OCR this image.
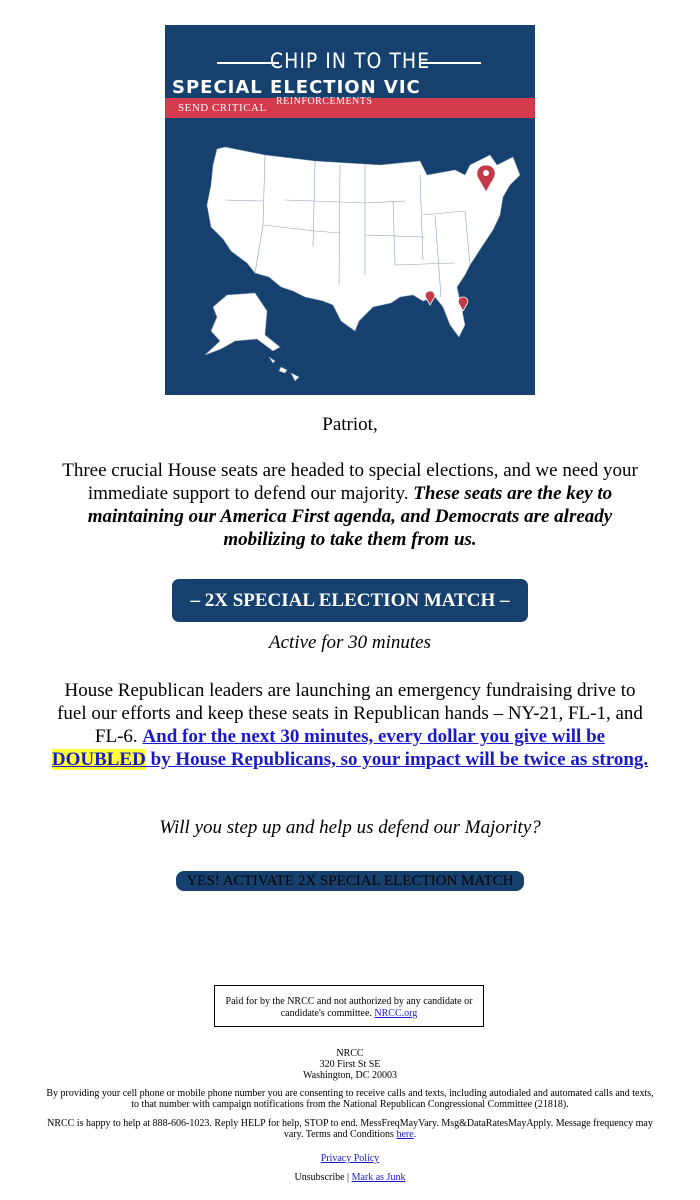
CHIP IN TO THE
SPECIAL ELECTION VIC
SEND CRITICAL
REINFORCEMENTS
Patriot,
Three crucial House seats are headed to special elections, and we need your immediate support to defend our majority. These seats are the key to maintaining our America First agenda, and Democrats are already mobilizing to take them from us.
– 2X SPECIAL ELECTION MATCH –
Active for 30 minutes
House Republican leaders are launching an emergency fundraising drive to fuel our efforts and keep these seats in Republican hands – NY-21, FL-1, and FL-6. And for the next 30 minutes, every dollar you give will be DOUBLED by House Republicans, so your impact will be twice as strong.
Will you step up and help us defend our Majority?
YES! ACTIVATE 2X SPECIAL ELECTION MATCH
Paid for by the NRCC and not authorized by any candidate or candidate's committee. NRCC.org
NRCC
320 First St SE
Washington, DC 20003
By providing your cell phone or mobile phone number you are consenting to receive calls and texts, including autodialed and automated calls and texts, to that number with campaign notifications from the National Republican Congressional Committee (21818).
NRCC is happy to help at 888-606-1023. Reply HELP for help, STOP to end. MessFreqMayVary. Msg&DataRatesMayApply. Message frequency may vary. Terms and Conditions here.
Privacy Policy
Unsubscribe | Mark as Junk
